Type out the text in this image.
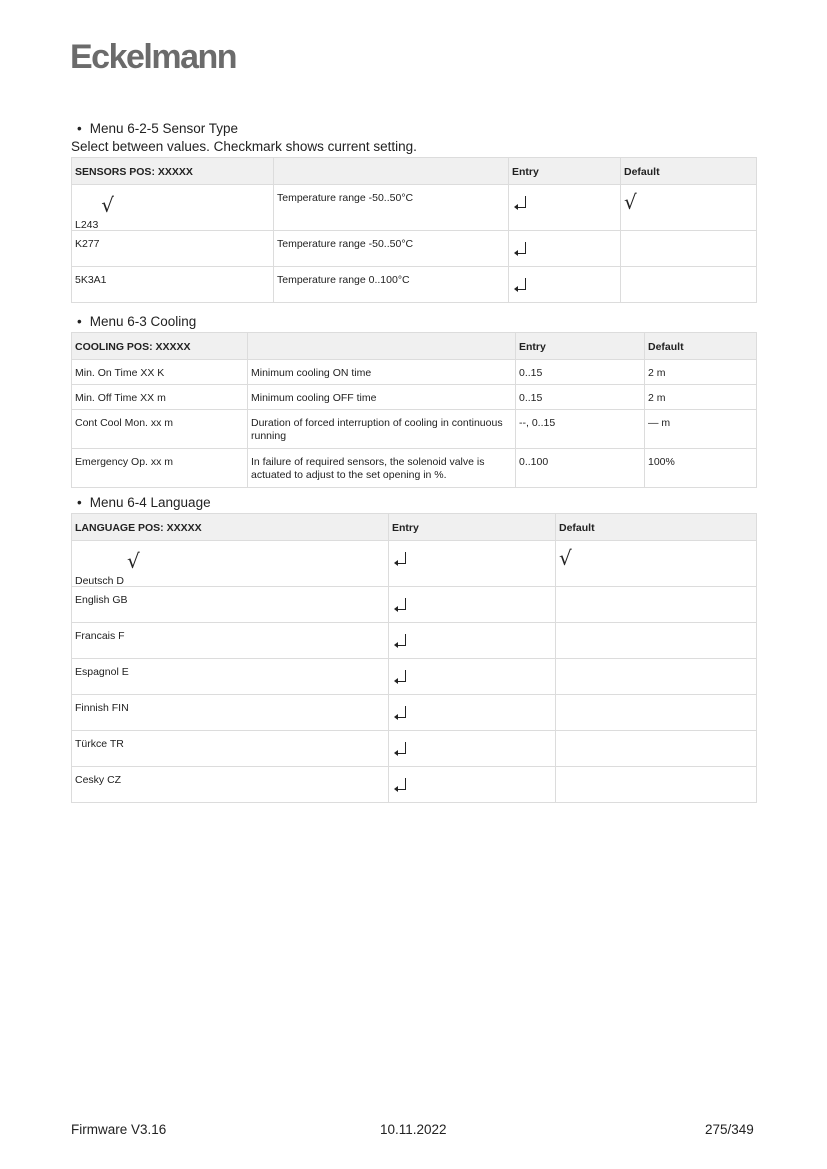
Eckelmann
• Menu 6-2-5 Sensor Type
Select between values. Checkmark shows current setting.
SENSORS POS: XXXXX		Entry	Default
L243 √	Temperature range -50..50°C		√
K277	Temperature range -50..50°C	

5K3A1	Temperature range 0..100°C	

• Menu 6-3 Cooling
COOLING POS: XXXXX		Entry	Default
Min. On Time XX K	Minimum cooling ON time	0..15	2 m
Min. Off Time XX m	Minimum cooling OFF time	0..15	2 m
Cont Cool Mon. xx m	Duration of forced interruption of cooling in continuous running	--, 0..15	— m
Emergency Op. xx m	In failure of required sensors, the solenoid valve is actuated to adjust to the set opening in %.	0..100	100%
• Menu 6-4 Language
LANGUAGE POS: XXXXX	Entry	Default
Deutsch D √		√
English GB	

Francais F	

Espagnol E	

Finnish FIN	

Türkce TR	

Cesky CZ	

Firmware V3.16	10.11.2022	275/349
